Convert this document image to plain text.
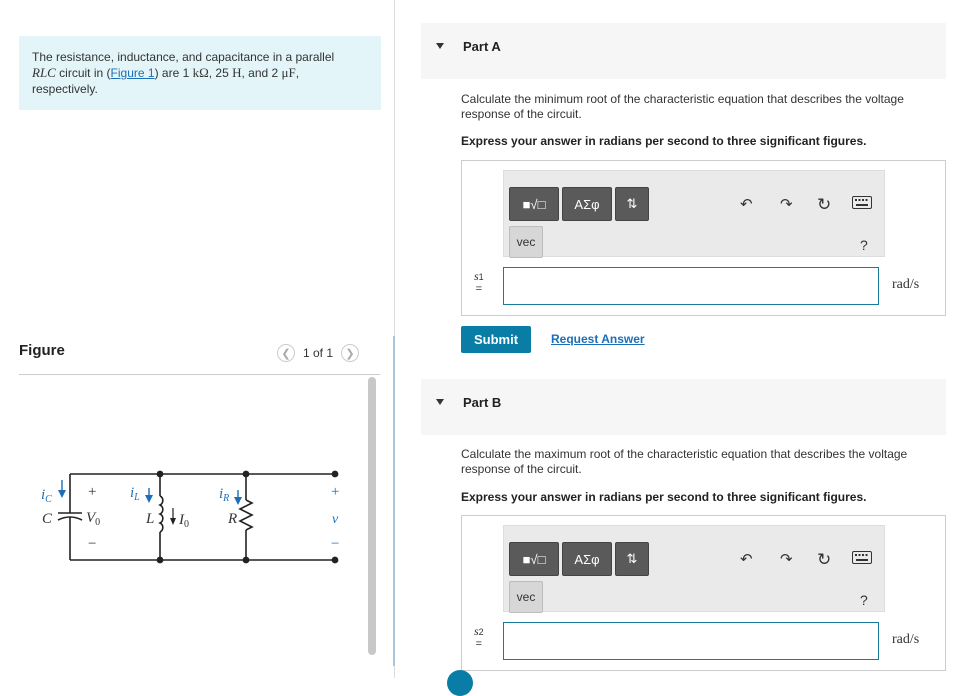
The resistance, inductance, and capacitance in a parallel
RLC circuit in (Figure 1) are 1 kΩ, 25 H, and 2 μF,
respectively.
Figure	❮ 1 of 1 ❯
$i_C$	$i_L$	$i_R$
C
+
$V_0$
−
L $I_0$	R
+
v
−
Part A
Calculate the minimum root of the characteristic equation that describes the voltage response of the circuit.
Express your answer in radians per second to three significant figures.
■√□ ΑΣφ ⇅
vec
↶ ↷ ↻
?
s1
=	rad/s
Submit	Request Answer
Part B
Calculate the maximum root of the characteristic equation that describes the voltage response of the circuit.
Express your answer in radians per second to three significant figures.
■√□ ΑΣφ ⇅
vec
↶ ↷ ↻
?
s2
=	rad/s
